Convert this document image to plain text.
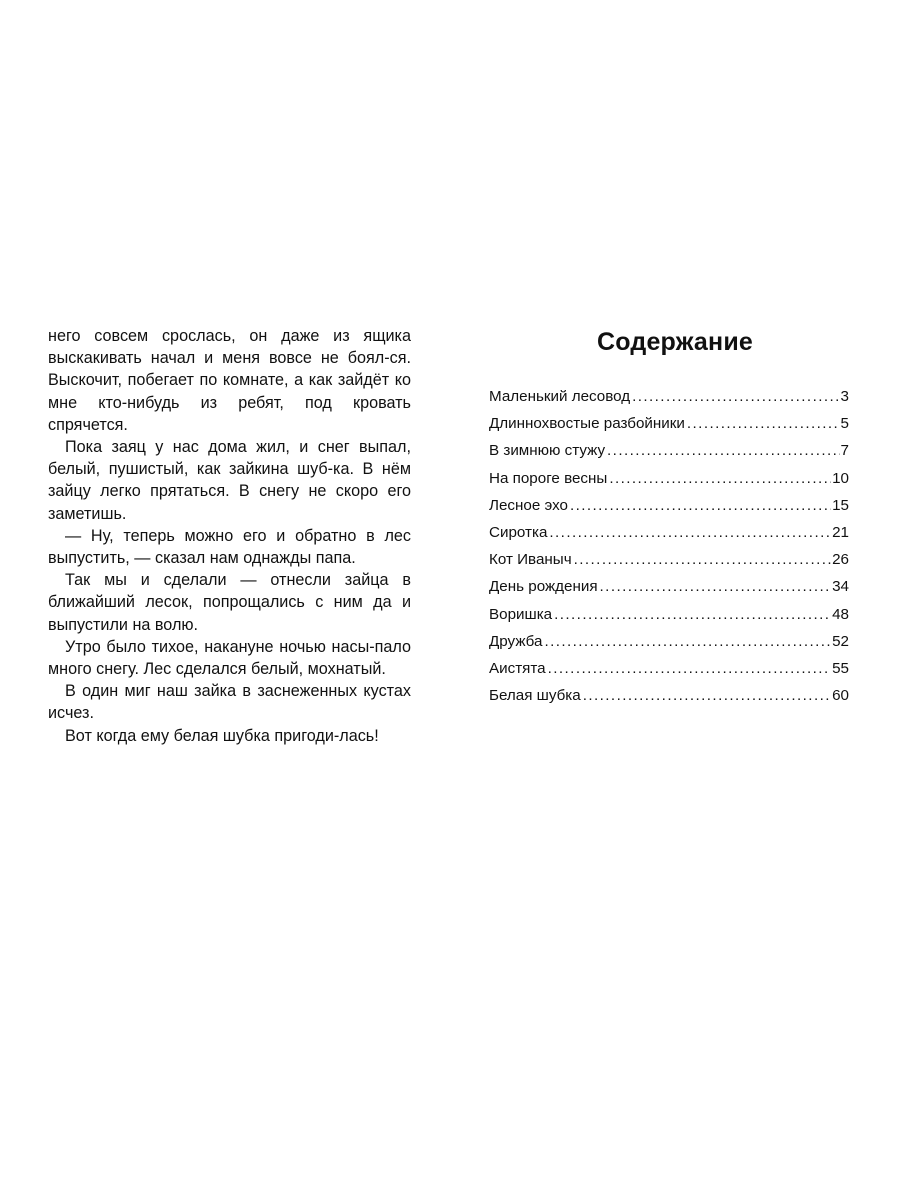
него совсем срослась, он даже из ящика выскакивать начал и меня вовсе не боял-ся. Выскочит, побегает по комнате, а как зайдёт ко мне кто-нибудь из ребят, под кровать спрячется.

Пока заяц у нас дома жил, и снег выпал, белый, пушистый, как зайкина шуб-ка. В нём зайцу легко прятаться. В снегу не скоро его заметишь.

— Ну, теперь можно его и обратно в лес выпустить, — сказал нам однажды папа.

Так мы и сделали — отнесли зайца в ближайший лесок, попрощались с ним да и выпустили на волю.

Утро было тихое, накануне ночью насы-пало много снегу. Лес сделался белый, мохнатый.

В один миг наш зайка в заснеженных кустах исчез.

Вот когда ему белая шубка пригоди-лась!

Содержание
Маленький лесовод . . .	3
Длиннохвостые разбойники . . .	5
В зимнюю стужу . . .	7
На пороге весны . . .	10
Лесное эхо . . .	15
Сиротка . . .	21
Кот Иваныч . . .	26
День рождения . . .	34
Воришка . . .	48
Дружба . . .	52
Аистята . . .	55
Белая шубка . . .	60
